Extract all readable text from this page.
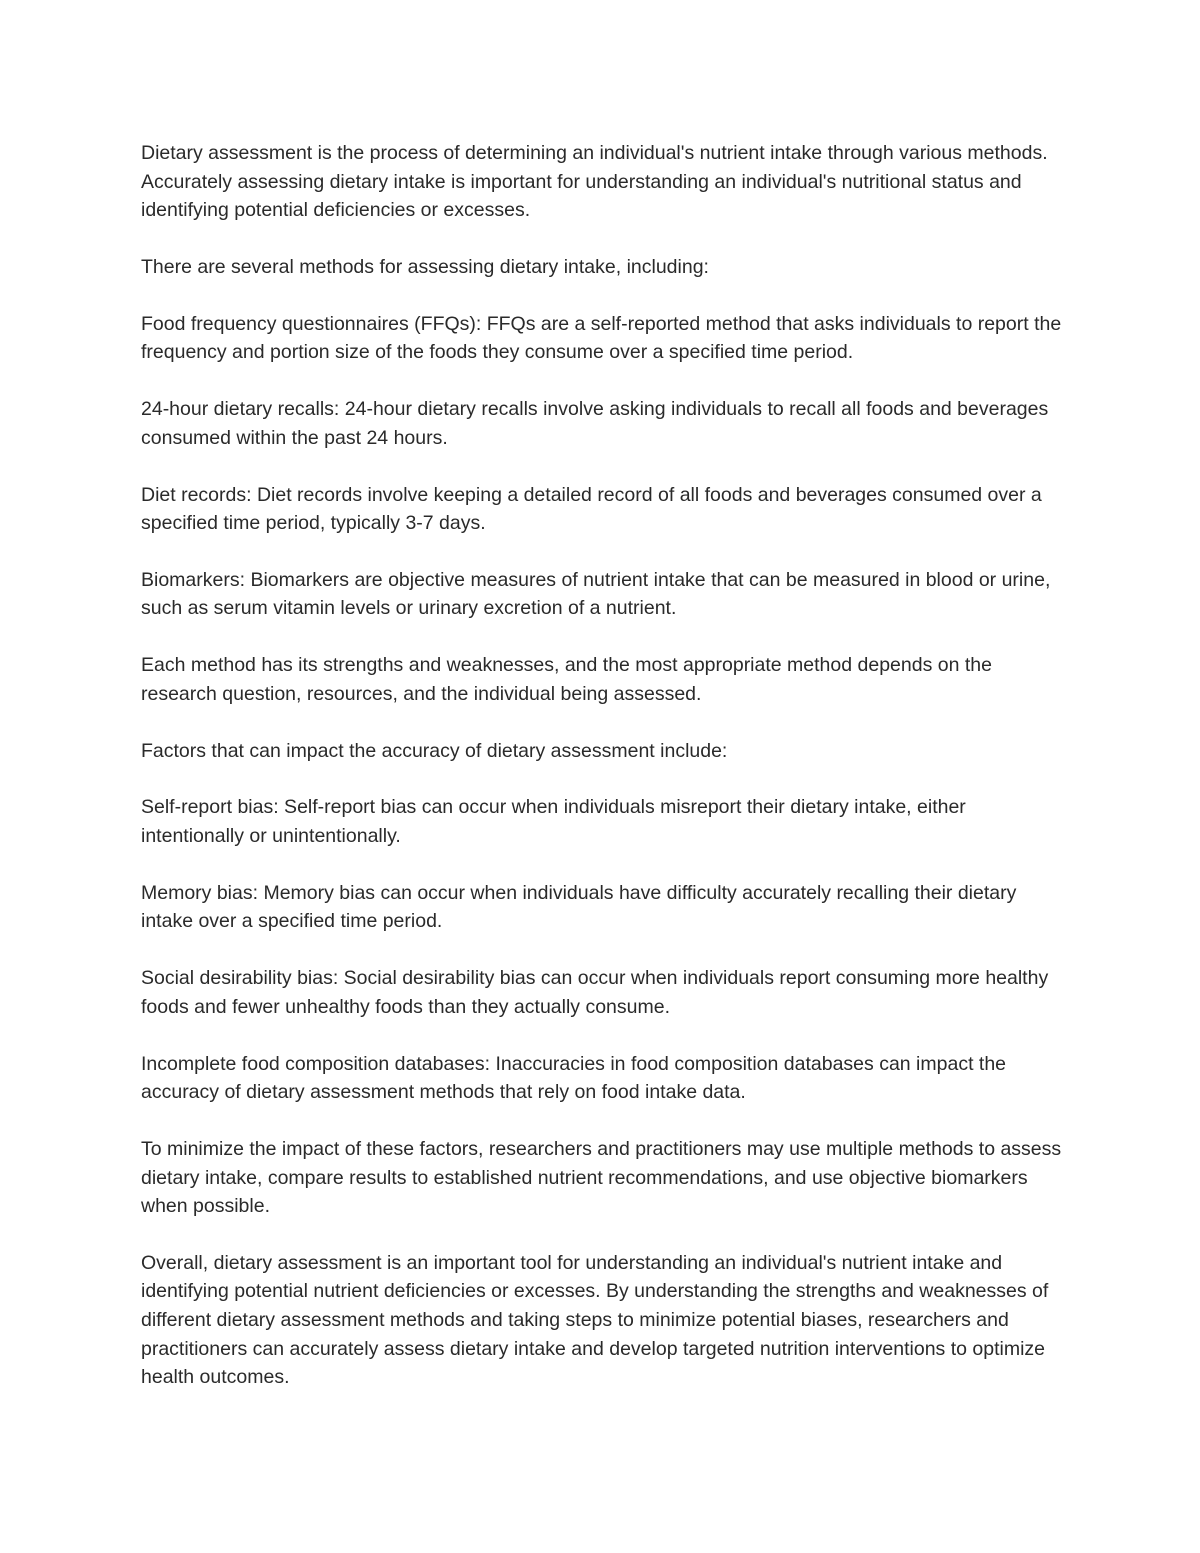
Dietary assessment is the process of determining an individual's nutrient intake through various methods. Accurately assessing dietary intake is important for understanding an individual's nutritional status and identifying potential deficiencies or excesses.

There are several methods for assessing dietary intake, including:

Food frequency questionnaires (FFQs): FFQs are a self-reported method that asks individuals to report the frequency and portion size of the foods they consume over a specified time period.

24-hour dietary recalls: 24-hour dietary recalls involve asking individuals to recall all foods and beverages consumed within the past 24 hours.

Diet records: Diet records involve keeping a detailed record of all foods and beverages consumed over a specified time period, typically 3-7 days.

Biomarkers: Biomarkers are objective measures of nutrient intake that can be measured in blood or urine, such as serum vitamin levels or urinary excretion of a nutrient.

Each method has its strengths and weaknesses, and the most appropriate method depends on the research question, resources, and the individual being assessed.

Factors that can impact the accuracy of dietary assessment include:

Self-report bias: Self-report bias can occur when individuals misreport their dietary intake, either intentionally or unintentionally.

Memory bias: Memory bias can occur when individuals have difficulty accurately recalling their dietary intake over a specified time period.

Social desirability bias: Social desirability bias can occur when individuals report consuming more healthy foods and fewer unhealthy foods than they actually consume.

Incomplete food composition databases: Inaccuracies in food composition databases can impact the accuracy of dietary assessment methods that rely on food intake data.

To minimize the impact of these factors, researchers and practitioners may use multiple methods to assess dietary intake, compare results to established nutrient recommendations, and use objective biomarkers when possible.

Overall, dietary assessment is an important tool for understanding an individual's nutrient intake and identifying potential nutrient deficiencies or excesses. By understanding the strengths and weaknesses of different dietary assessment methods and taking steps to minimize potential biases, researchers and practitioners can accurately assess dietary intake and develop targeted nutrition interventions to optimize health outcomes.
